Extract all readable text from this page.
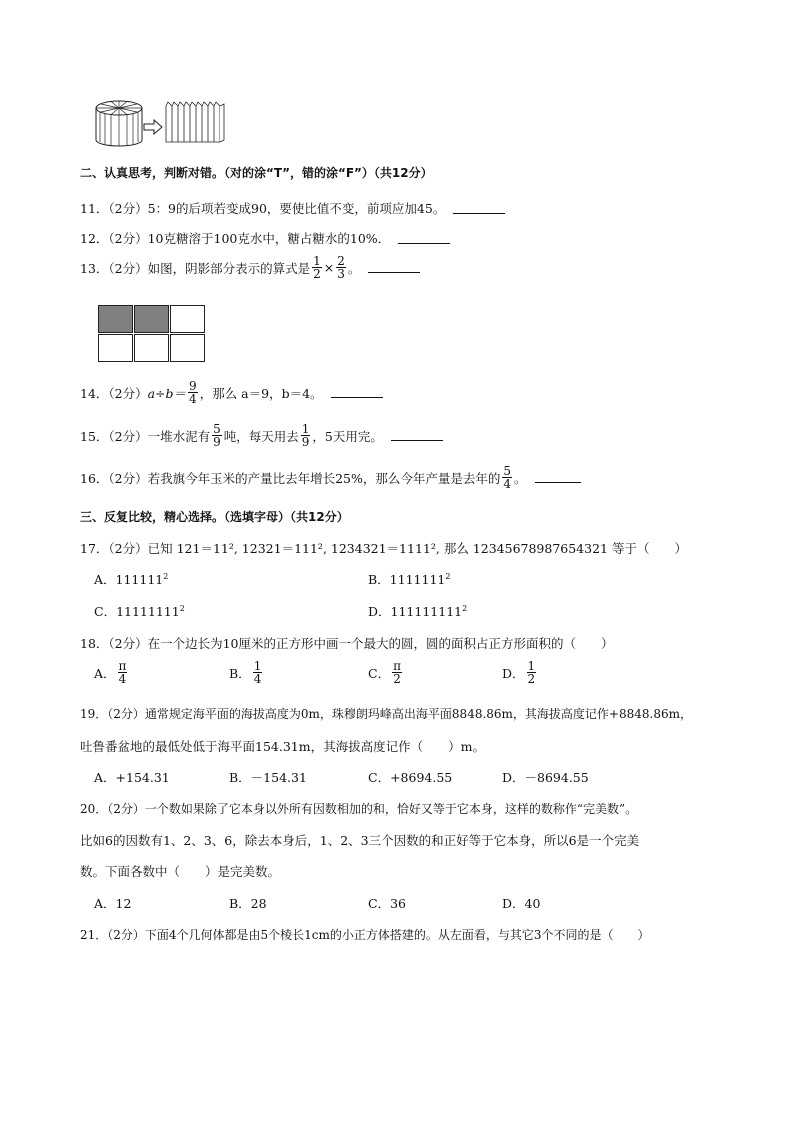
二、认真思考，判断对错。（对的涂“T”，错的涂“F”）（共12分）
11．（2分）5：9的后项若变成90，要使比值不变，前项应加45。
12．（2分）10克糖溶于100克水中，糖占糖水的10%．
13．（2分）如图，阴影部分表示的算式是 $\frac{1}{2} \times \frac{2}{3}$ 。
14．（2分） $a\div b= \frac{9}{4}$ ，那么 a＝9，b＝4。
15．（2分）一堆水泥有 $\frac{5}{9}$ 吨，每天用去 $\frac{1}{9}$ ，5天用完。
16．（2分）若我旗今年玉米的产量比去年增长25%，那么今年产量是去年的 $\frac{5}{4}$ 。
三、反复比较，精心选择。（选填字母）（共12分）
17．（2分）已知 121＝11², 12321＝111², 1234321＝1111², 那么 12345678987654321 等于（　　）
A．111111$^2$	B．1111111$^2$
C．11111111$^2$	D．111111111$^2$
18．（2分）在一个边长为10厘米的正方形中画一个最大的圆，圆的面积占正方形面积的（　　）
A． $\frac{\pi}{4}$	B． $\frac{1}{4}$	C． $\frac{\pi}{2}$	D． $\frac{1}{2}$
19．（2分）通常规定海平面的海拔高度为0m，珠穆朗玛峰高出海平面8848.86m，其海拔高度记作+8848.86m，
吐鲁番盆地的最低处低于海平面154.31m，其海拔高度记作（　　）m。
A．+154.31	B．－154.31	C．+8694.55	D．－8694.55
20．（2分）一个数如果除了它本身以外所有因数相加的和，恰好又等于它本身，这样的数称作“完美数”。
比如6的因数有1、2、3、6，除去本身后，1、2、3三个因数的和正好等于它本身，所以6是一个完美
数。下面各数中（　　）是完美数。
A．12	B．28	C．36	D．40
21．（2分）下面4个几何体都是由5个棱长1cm的小正方体搭建的。从左面看，与其它3个不同的是（　　）
